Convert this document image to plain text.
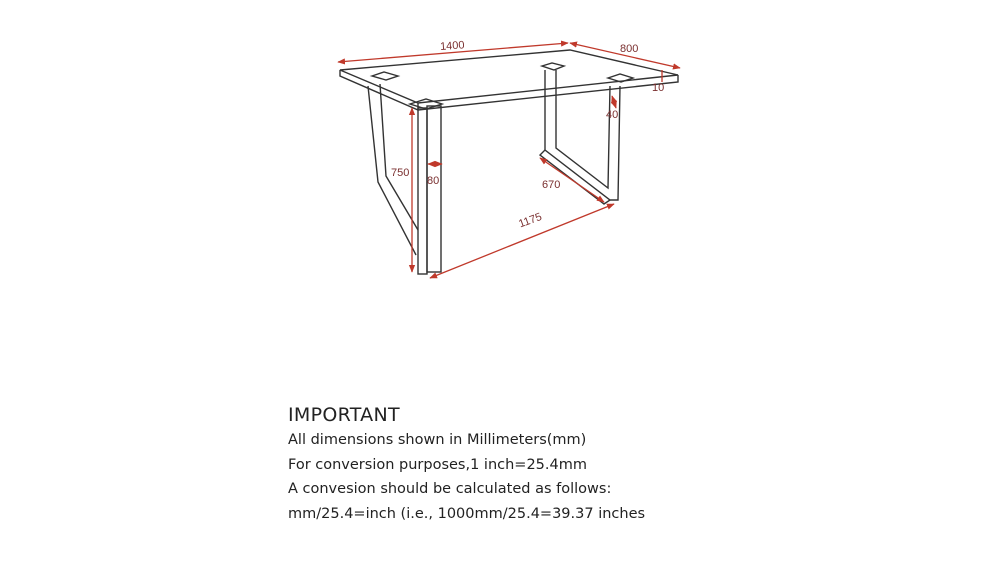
1400	800
10
40
750
80	670
1175
IMPORTANT
All dimensions shown in Millimeters(mm)
For conversion purposes,1 inch=25.4mm
A convesion should be calculated as follows:
mm/25.4=inch (i.e., 1000mm/25.4=39.37 inches
